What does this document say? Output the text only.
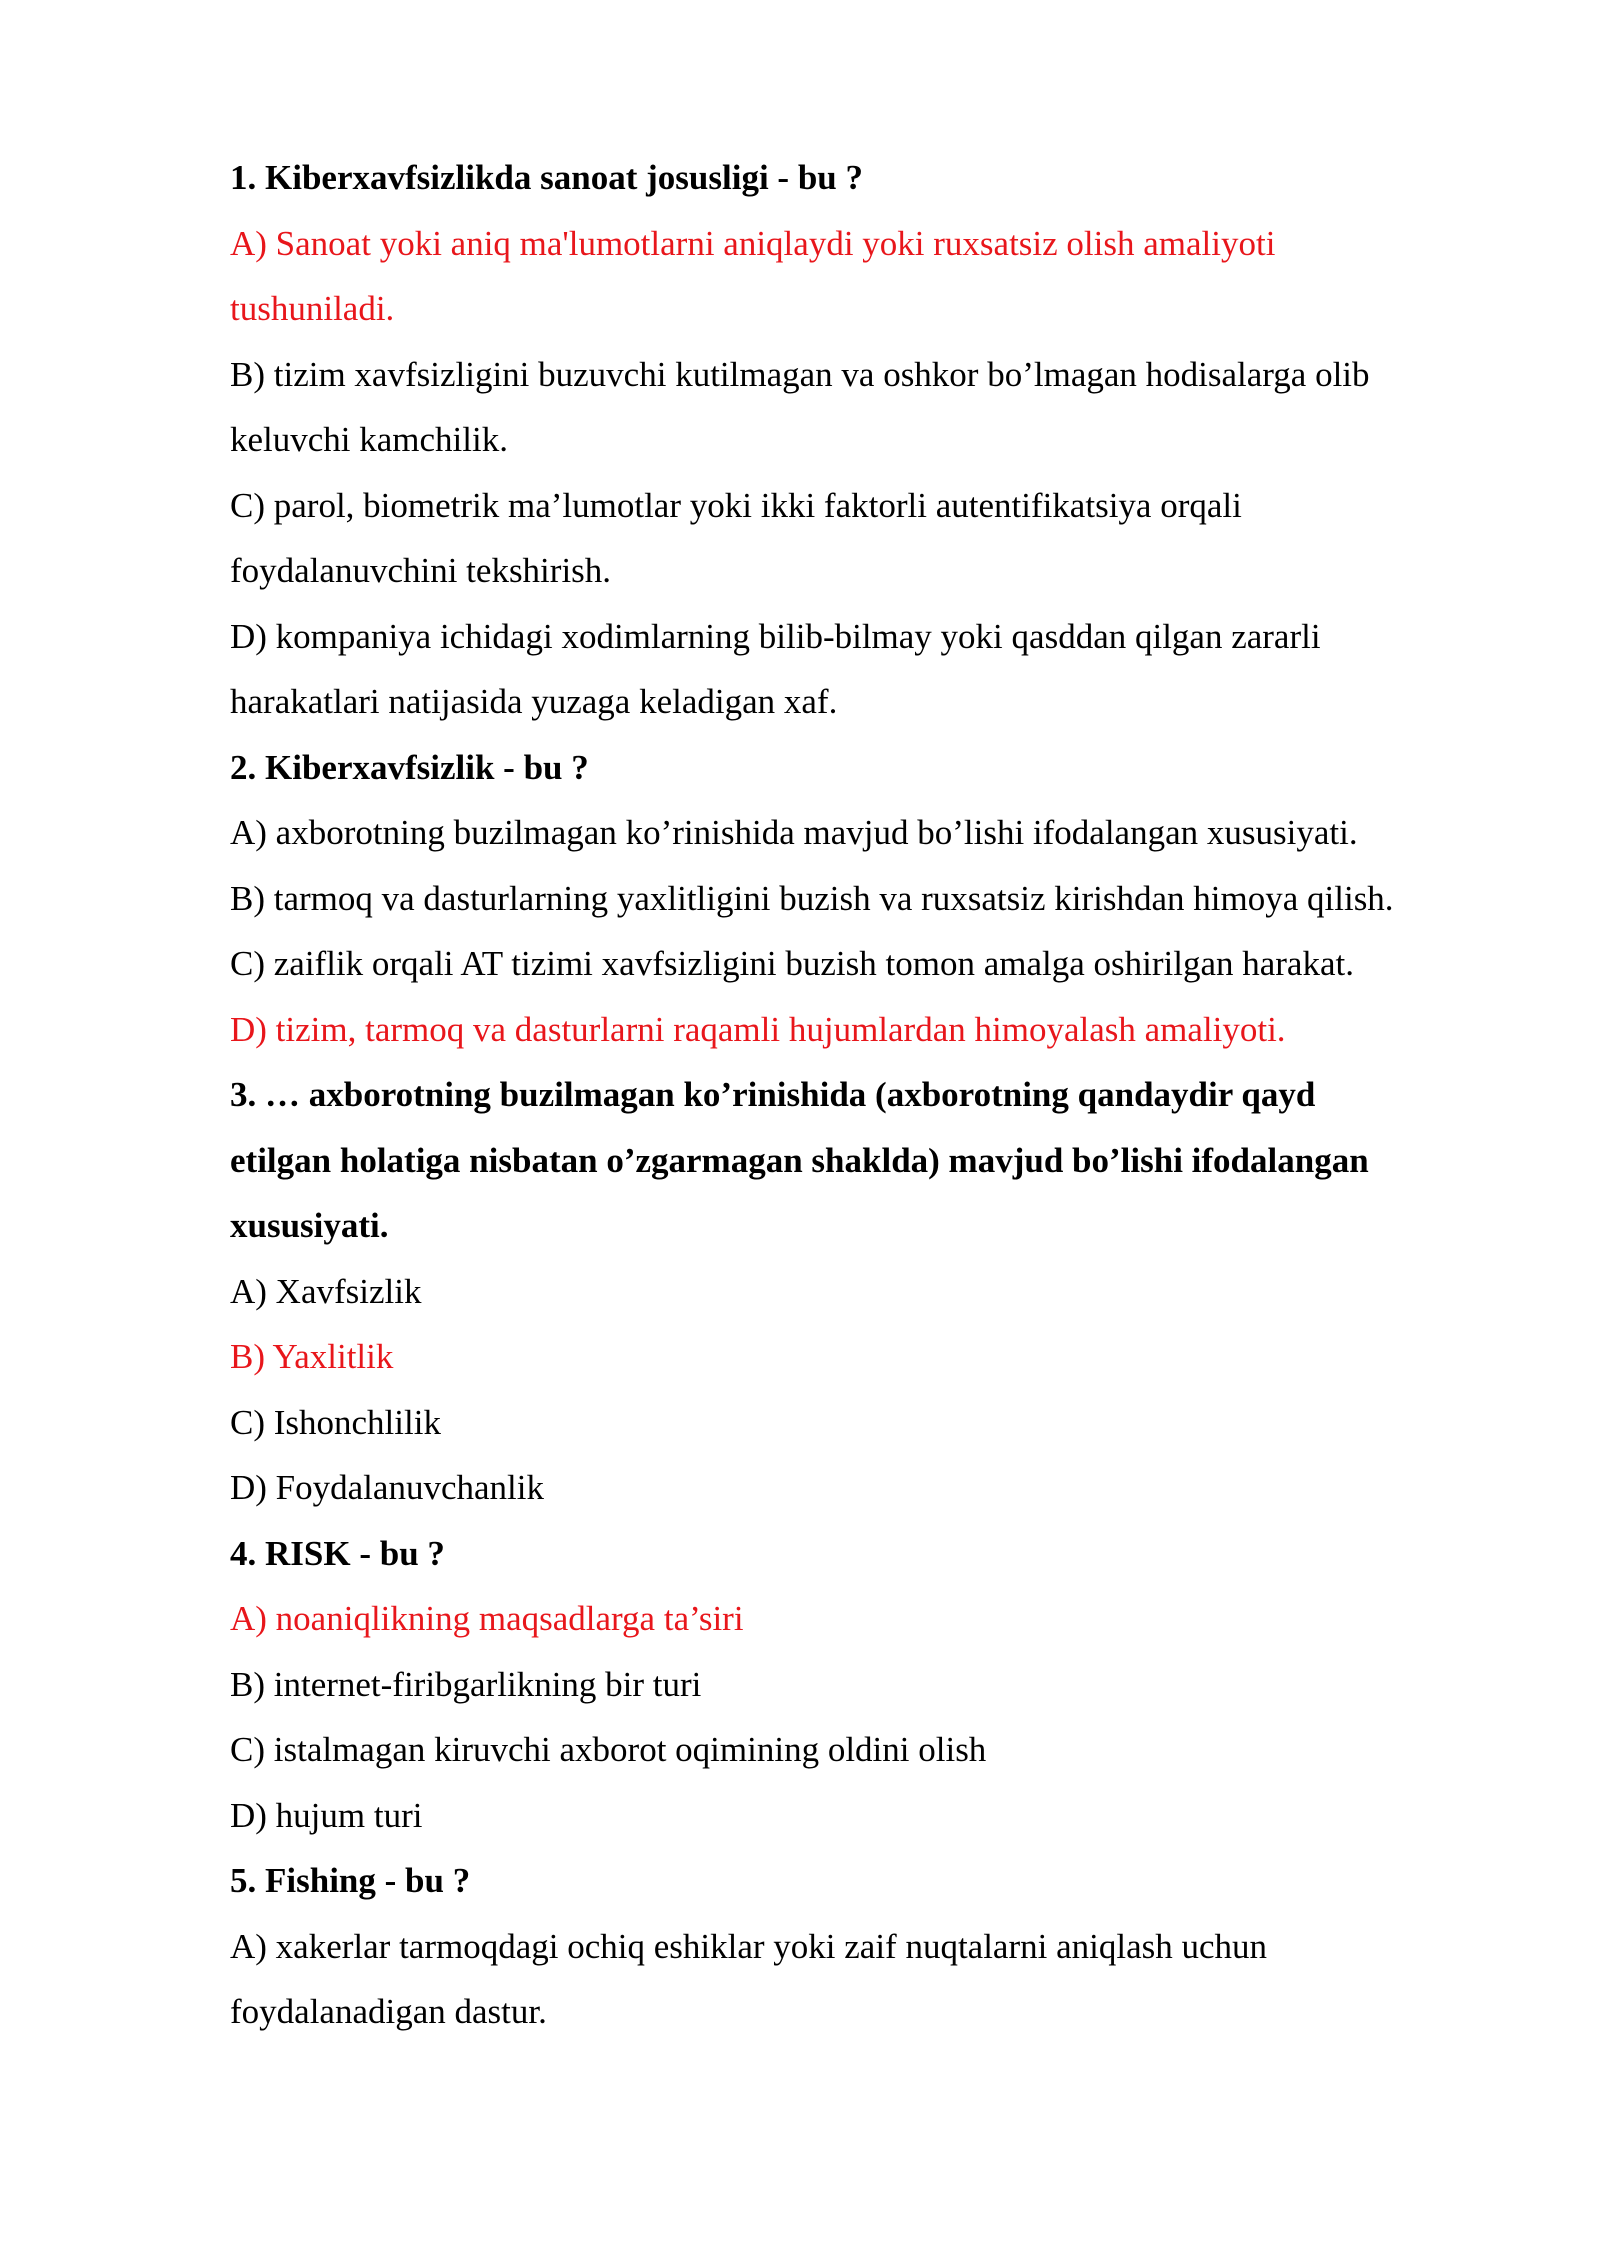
1. Kiberxavfsizlikda sanoat josusligi - bu ?
A) Sanoat yoki aniq ma'lumotlarni aniqlaydi yoki ruxsatsiz olish amaliyoti
tushuniladi.
B) tizim xavfsizligini buzuvchi kutilmagan va oshkor bo’lmagan hodisalarga olib
keluvchi kamchilik.
C) parol, biometrik ma’lumotlar yoki ikki faktorli autentifikatsiya orqali
foydalanuvchini tekshirish.
D) kompaniya ichidagi xodimlarning bilib-bilmay yoki qasddan qilgan zararli
harakatlari natijasida yuzaga keladigan xaf.
2. Kiberxavfsizlik - bu ?
A) axborotning buzilmagan ko’rinishida mavjud bo’lishi ifodalangan xususiyati.
B) tarmoq va dasturlarning yaxlitligini buzish va ruxsatsiz kirishdan himoya qilish.
C) zaiflik orqali AT tizimi xavfsizligini buzish tomon amalga oshirilgan harakat.
D) tizim, tarmoq va dasturlarni raqamli hujumlardan himoyalash amaliyoti.
3. … axborotning buzilmagan ko’rinishida (axborotning qandaydir qayd
etilgan holatiga nisbatan o’zgarmagan shaklda) mavjud bo’lishi ifodalangan
xususiyati.
A) Xavfsizlik
B) Yaxlitlik
C) Ishonchlilik
D) Foydalanuvchanlik
4. RISK - bu ?
A) noaniqlikning maqsadlarga ta’siri
B) internet-firibgarlikning bir turi
C) istalmagan kiruvchi axborot oqimining oldini olish
D) hujum turi
5. Fishing - bu ?
A) xakerlar tarmoqdagi ochiq eshiklar yoki zaif nuqtalarni aniqlash uchun
foydalanadigan dastur.
